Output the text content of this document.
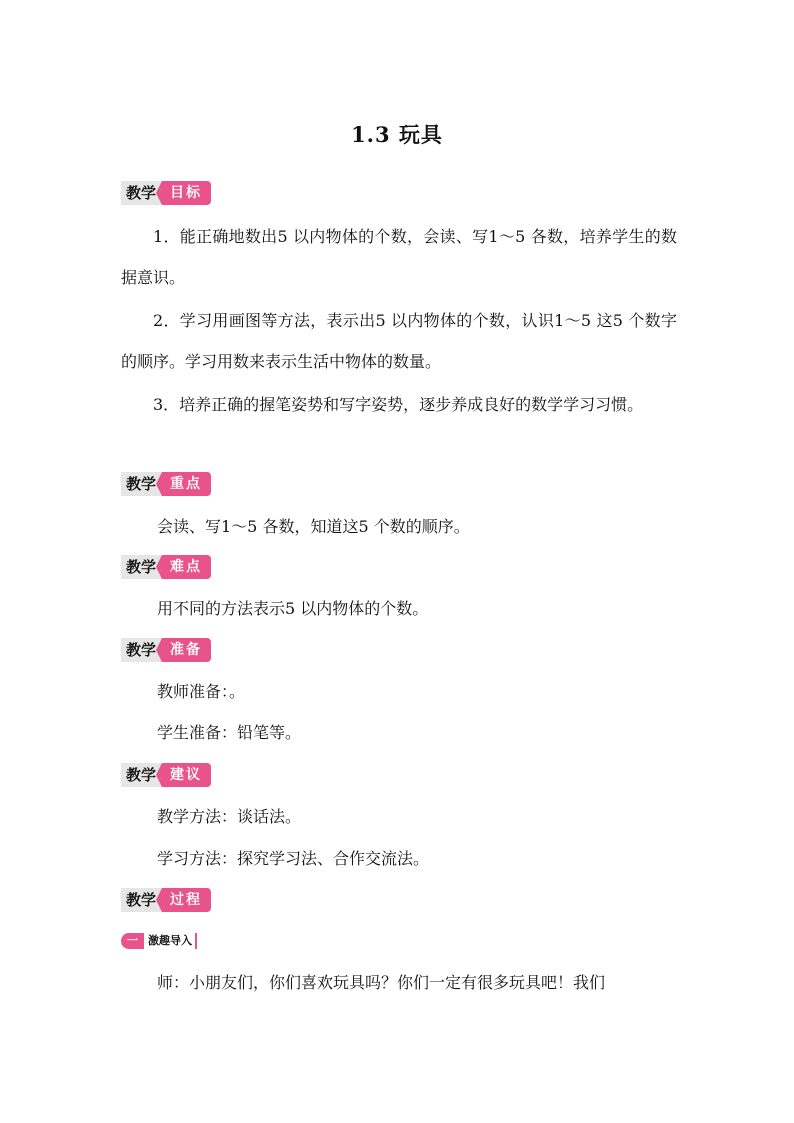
1.3 玩具
教学	目标
1．能正确地数出5 以内物体的个数，会读、写1～5 各数，培养学生的数据意识。
2．学习用画图等方法，表示出5 以内物体的个数，认识1～5 这5 个数字的顺序。学习用数来表示生活中物体的数量。
3．培养正确的握笔姿势和写字姿势，逐步养成良好的数学学习习惯。
教学	重点
会读、写1～5 各数，知道这5 个数的顺序。
教学	难点
用不同的方法表示5 以内物体的个数。
教学	准备
教师准备：。
学生准备：铅笔等。
教学	建议
教学方法：谈话法。
学习方法：探究学习法、合作交流法。
教学	过程
一 激趣导入
师：小朋友们，你们喜欢玩具吗？你们一定有很多玩具吧！我们
